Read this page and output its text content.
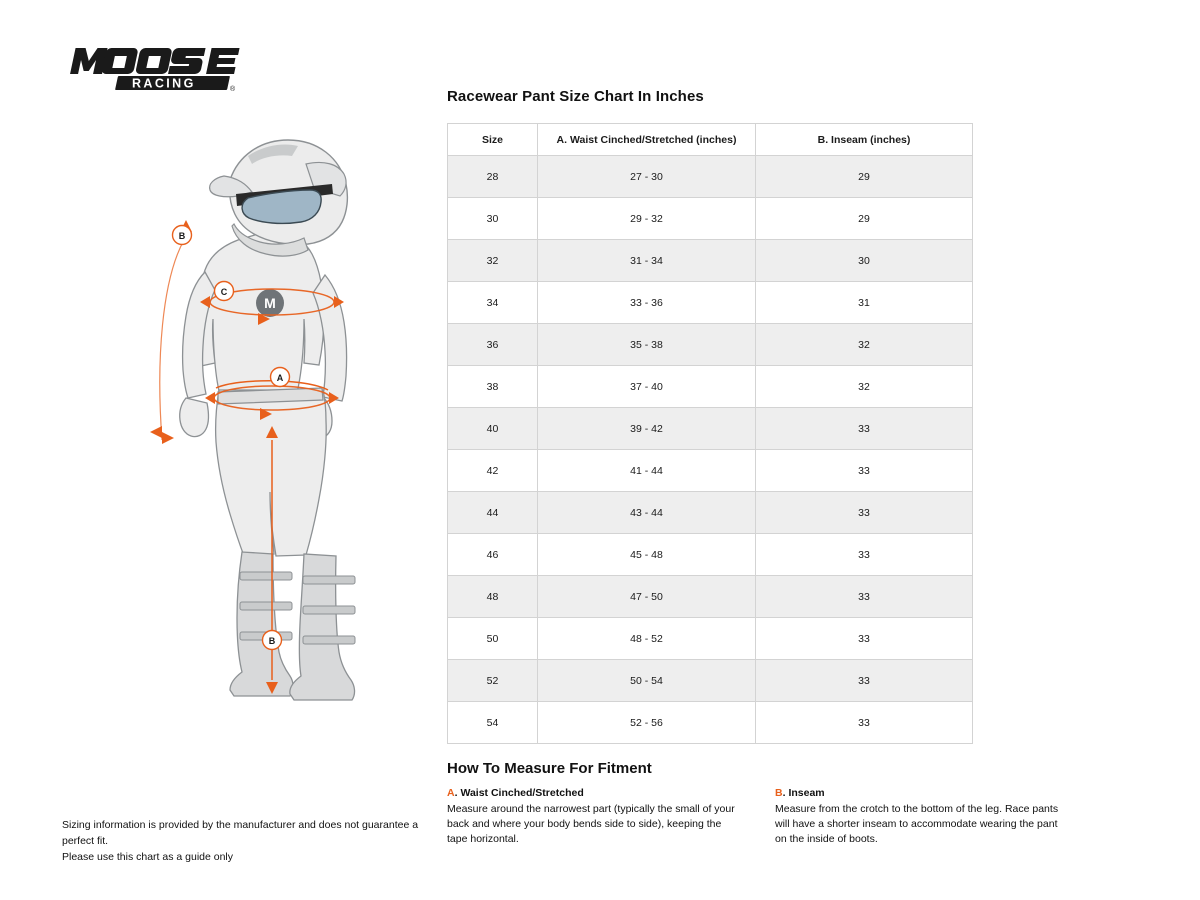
RACING	®
M
C
A
B
B
Sizing information is provided by the manufacturer and does not guarantee a perfect fit.
Please use this chart as a guide only
Racewear Pant Size Chart In Inches
Size	A. Waist Cinched/Stretched (inches)	B. Inseam (inches)
28	27 - 30	29
30	29 - 32	29
32	31 - 34	30
34	33 - 36	31
36	35 - 38	32
38	37 - 40	32
40	39 - 42	33
42	41 - 44	33
44	43 - 44	33
46	45 - 48	33
48	47 - 50	33
50	48 - 52	33
52	50 - 54	33
54	52 - 56	33
How To Measure For Fitment
A. Waist Cinched/Stretched

Measure around the narrowest part (typically the small of your back and where your body bends side to side), keeping the tape horizontal.

B. Inseam

Measure from the crotch to the bottom of the leg. Race pants will have a shorter inseam to accommodate wearing the pant on the inside of boots.
